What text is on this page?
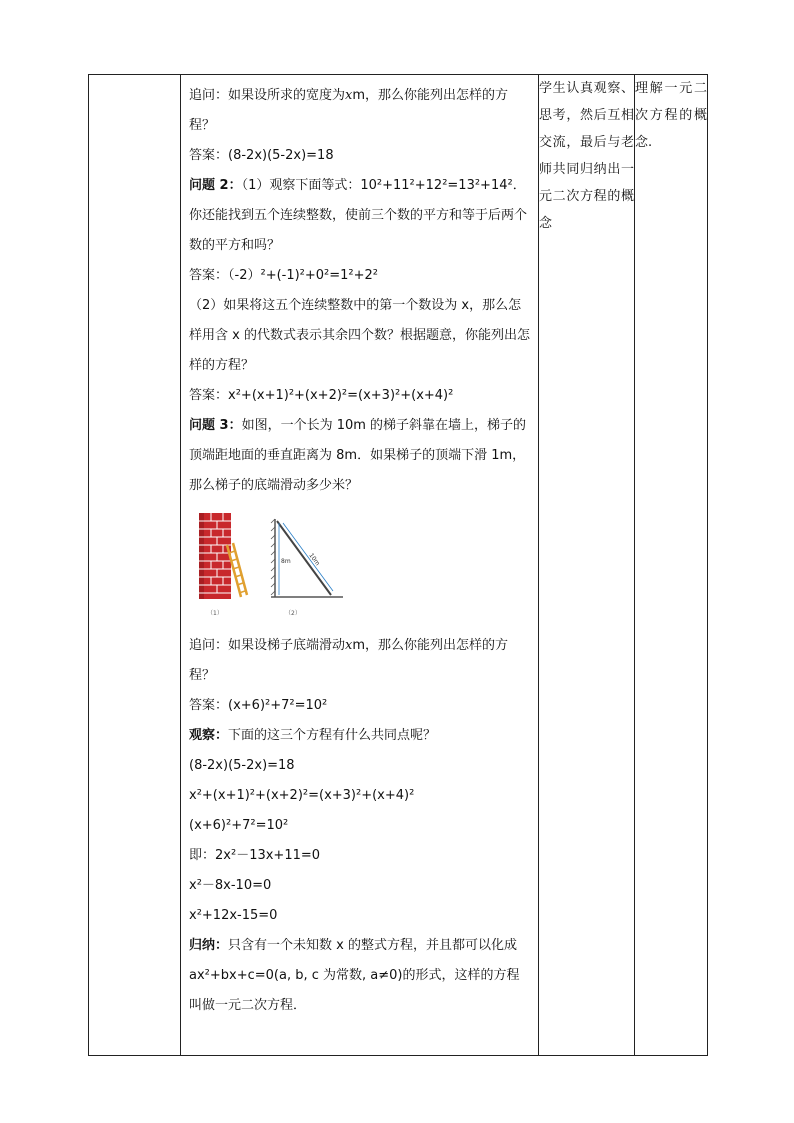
追问：如果设所求的宽度为xm，那么你能列出怎样的方程？

答案：(8-2x)(5-2x)=18

问题 2：（1）观察下面等式：10²+11²+12²=13²+14²．你还能找到五个连续整数，使前三个数的平方和等于后两个数的平方和吗？

答案：（-2）²+(-1)²+0²=1²+2²

（2）如果将这五个连续整数中的第一个数设为 x，那么怎样用含 x 的代数式表示其余四个数？根据题意，你能列出怎样的方程？

答案：x²+(x+1)²+(x+2)²=(x+3)²+(x+4)²

问题 3：如图，一个长为 10m 的梯子斜靠在墙上，梯子的顶端距地面的垂直距离为 8m．如果梯子的顶端下滑 1m，那么梯子的底端滑动多少米？

8m	10m
（1）	（2）

追问：如果设梯子底端滑动xm，那么你能列出怎样的方程？

答案：(x+6)²+7²=10²

观察：下面的这三个方程有什么共同点呢？

(8-2x)(5-2x)=18

x²+(x+1)²+(x+2)²=(x+3)²+(x+4)²

(x+6)²+7²=10²

即：2x²－13x+11=0

x²－8x-10=0

x²+12x-15=0

归纳：只含有一个未知数 x 的整式方程，并且都可以化成 ax²+bx+c=0(a, b, c 为常数, a≠0)的形式，这样的方程叫做一元二次方程．

学生认真观察、思考，然后互相交流，最后与老师共同归纳出一元二次方程的概念

理解一元二次方程的概念.
